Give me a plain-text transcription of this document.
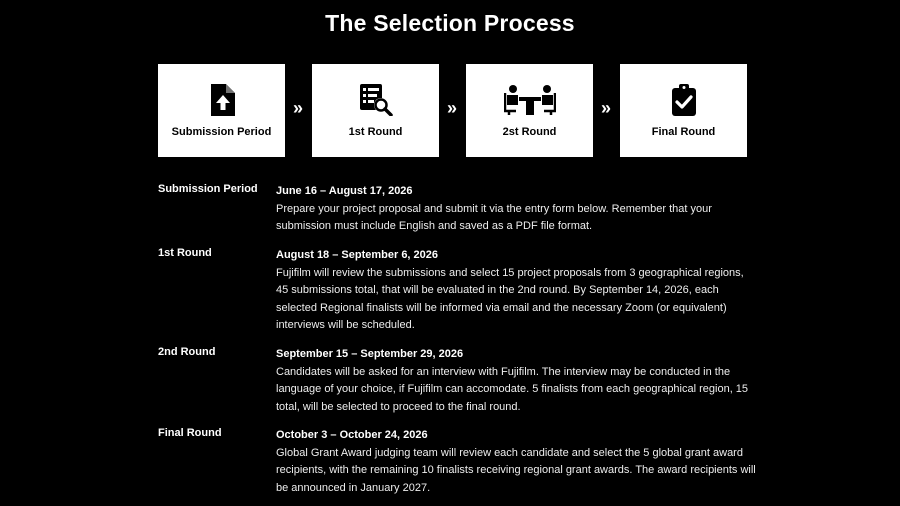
The Selection Process
Submission Period
»
1st Round
»
2st Round
»
Final Round
Submission Period	June 16 – August 17, 2026
Prepare your project proposal and submit it via the entry form below. Remember that your submission must include English and saved as a PDF file format.
1st Round	August 18 – September 6, 2026
Fujifilm will review the submissions and select 15 project proposals from 3 geographical regions, 45 submissions total, that will be evaluated in the 2nd round. By September 14, 2026, each selected Regional finalists will be informed via email and the necessary Zoom (or equivalent) interviews will be scheduled.
2nd Round	September 15 – September 29, 2026
Candidates will be asked for an interview with Fujifilm. The interview may be conducted in the language of your choice, if Fujifilm can accomodate. 5 finalists from each geographical region, 15 total, will be selected to proceed to the final round.
Final Round	October 3 – October 24, 2026
Global Grant Award judging team will review each candidate and select the 5 global grant award recipients, with the remaining 10 finalists receiving regional grant awards. The award recipients will be announced in January 2027.
